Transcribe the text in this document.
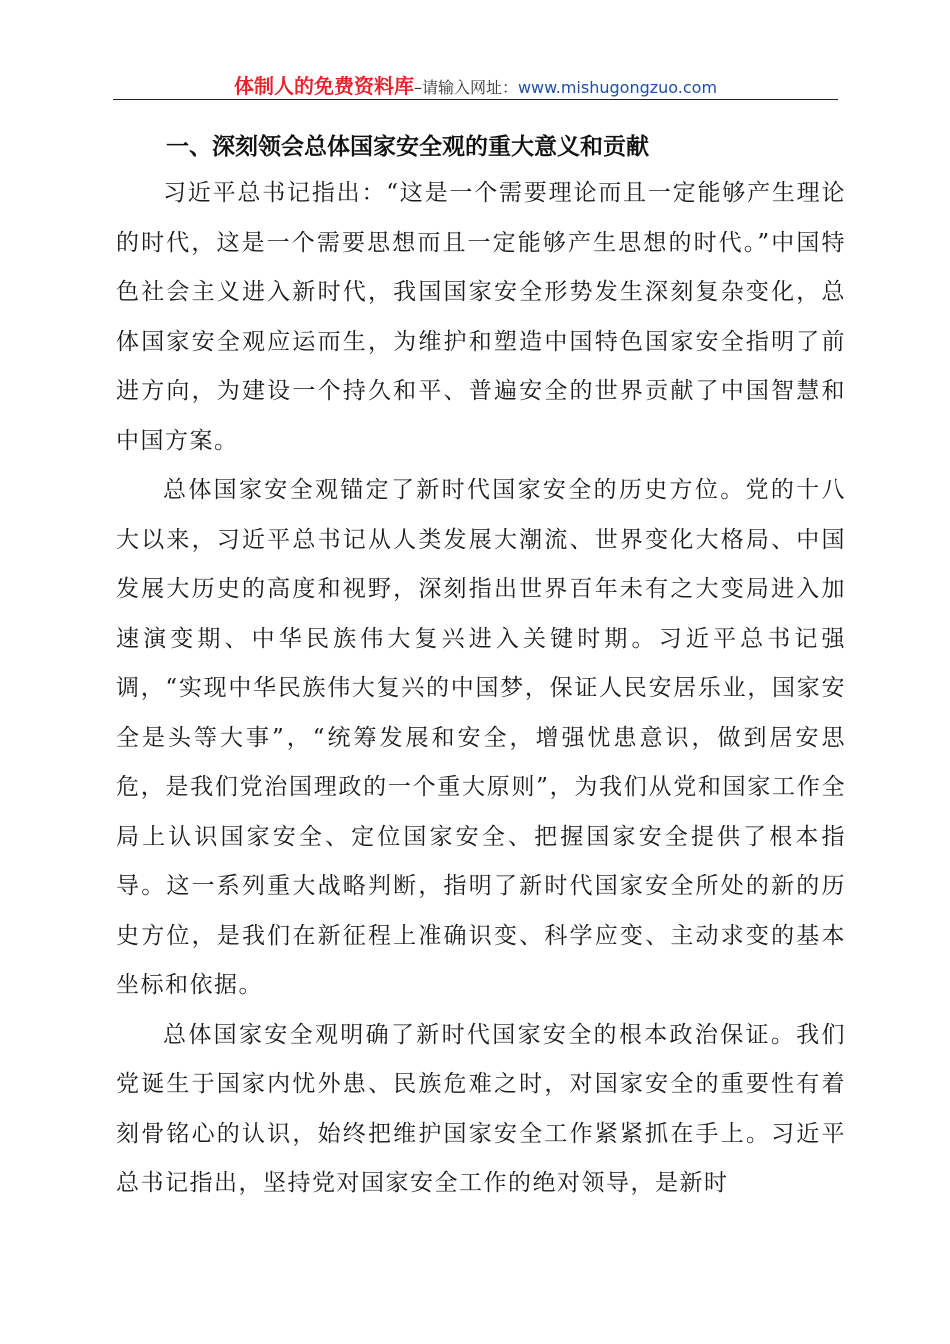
体制人的免费资料库–请输入网址：www.mishugongzuo.com
一、深刻领会总体国家安全观的重大意义和贡献

习近平总书记指出：“这是一个需要理论而且一定能够产生理论的时代，这是一个需要思想而且一定能够产生思想的时代。”中国特色社会主义进入新时代，我国国家安全形势发生深刻复杂变化，总体国家安全观应运而生，为维护和塑造中国特色国家安全指明了前进方向，为建设一个持久和平、普遍安全的世界贡献了中国智慧和中国方案。

总体国家安全观锚定了新时代国家安全的历史方位。党的十八大以来，习近平总书记从人类发展大潮流、世界变化大格局、中国发展大历史的高度和视野，深刻指出世界百年未有之大变局进入加速演变期、中华民族伟大复兴进入关键时期。习近平总书记强调，“实现中华民族伟大复兴的中国梦，保证人民安居乐业，国家安全是头等大事”，“统筹发展和安全，增强忧患意识，做到居安思危，是我们党治国理政的一个重大原则”，为我们从党和国家工作全局上认识国家安全、定位国家安全、把握国家安全提供了根本指导。这一系列重大战略判断，指明了新时代国家安全所处的新的历史方位，是我们在新征程上准确识变、科学应变、主动求变的基本坐标和依据。

总体国家安全观明确了新时代国家安全的根本政治保证。我们党诞生于国家内忧外患、民族危难之时，对国家安全的重要性有着刻骨铭心的认识，始终把维护国家安全工作紧紧抓在手上。习近平总书记指出，坚持党对国家安全工作的绝对领导，是新时
